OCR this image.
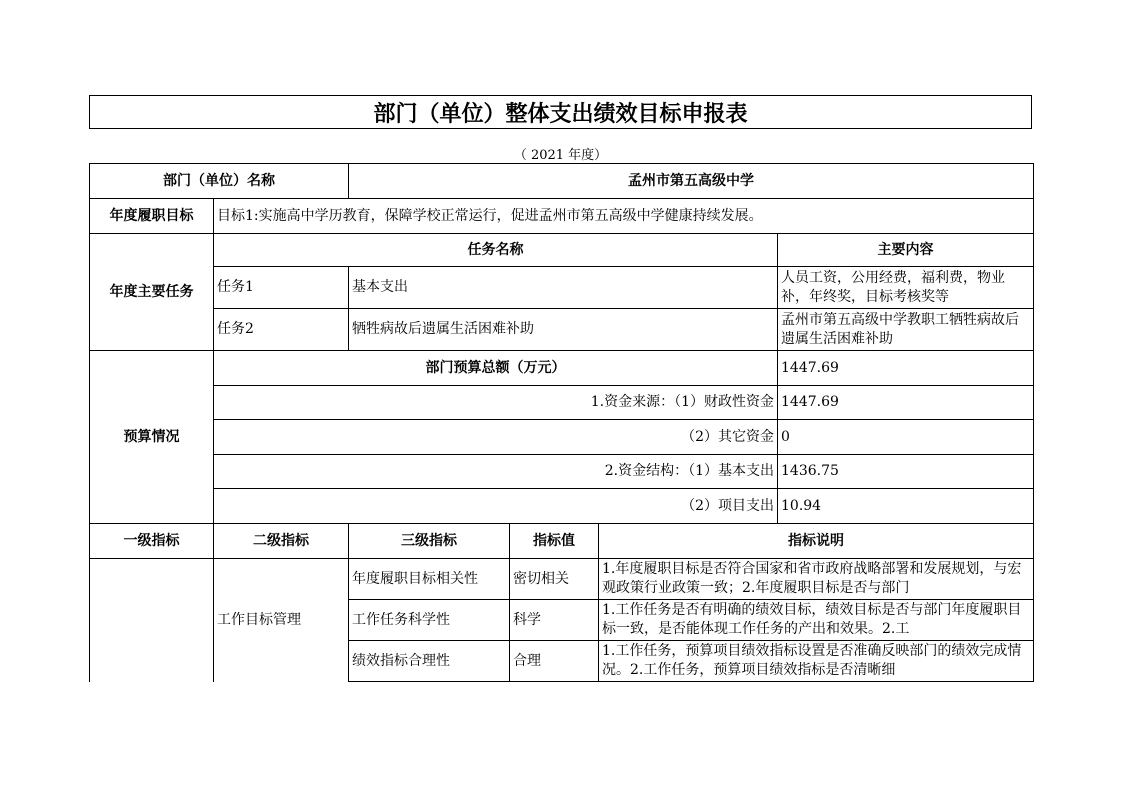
部门（单位）整体支出绩效目标申报表
（ 2021 年度）
部门（单位）名称		孟州市第五高级中学			
年度履职目标	目标1:实施高中学历教育，保障学校正常运行，促进孟州市第五高级中学健康持续发展。				
年度主要任务	任务名称				主要内容
	任务1	基本支出			人员工资，公用经费，福利费，物业补，年终奖，目标考核奖等

	任务2	牺牲病故后遗属生活困难补助			孟州市第五高级中学教职工牺牲病故后遗属生活困难补助

预算情况	部门预算总额（万元）				1447.69
	1.资金来源：（1）财政性资金				1447.69
	（2）其它资金				0
	2.资金结构：（1）基本支出				1436.75
	（2）项目支出				10.94
一级指标	二级指标	三级指标	指标值	指标说明	
	工作目标管理	年度履职目标相关性	密切相关	1.年度履职目标是否符合国家和省市政府战略部署和发展规划，与宏观政策行业政策一致；2.年度履职目标是否与部门	

		工作任务科学性	科学	1.工作任务是否有明确的绩效目标，绩效目标是否与部门年度履职目标一致，是否能体现工作任务的产出和效果。2.工	

		绩效指标合理性	合理	1.工作任务，预算项目绩效指标设置是否准确反映部门的绩效完成情况。2.工作任务，预算项目绩效指标是否清晰细	
